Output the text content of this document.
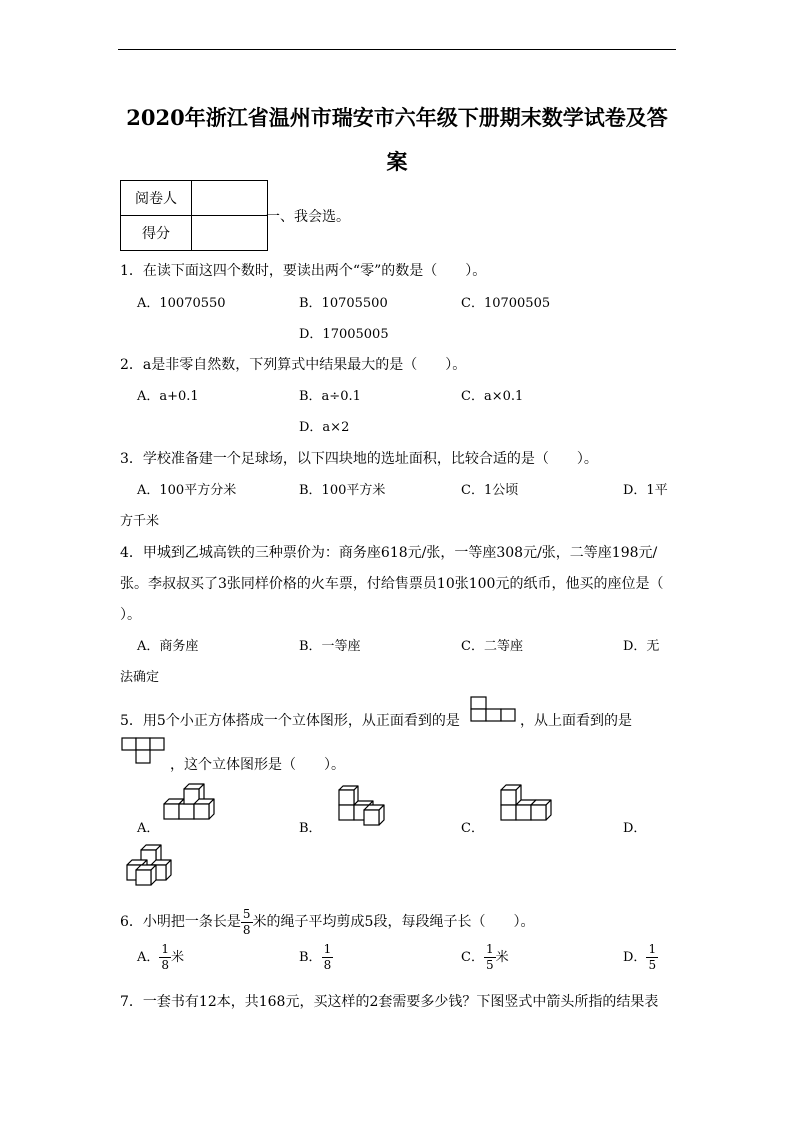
2020年浙江省温州市瑞安市六年级下册期末数学试卷及答
案
阅卷人	
得分	
一、我会选。
1．在读下面这四个数时，要读出两个“零”的数是（　　）。
A．10070550	B．10705500	C．10700505
D．17005005
2．a是非零自然数，下列算式中结果最大的是（　　）。
A．a+0.1	B．a÷0.1	C．a×0.1
D．a×2
3．学校准备建一个足球场，以下四块地的选址面积，比较合适的是（　　）。
A．100平方分米	B．100平方米	C．1公顷	D．1平
方千米
4．甲城到乙城高铁的三种票价为：商务座618元/张，一等座308元/张，二等座198元/
张。李叔叔买了3张同样价格的火车票，付给售票员10张100元的纸币，他买的座位是（
）。
A．商务座	B．一等座	C．二等座	D．无
法确定
5．用5个小正方体搭成一个立体图形，从正面看到的是	，从上面看到的是
，这个立体图形是（　　）。
A．	B．	C．	D．
6．小明把一条长是 $\frac{5}{8}$ 米的绳子平均剪成5段，每段绳子长（　　）。
A． $\frac{1}{8}$ 米	B． $\frac{1}{8}$	C． $\frac{1}{5}$ 米	D． $\frac{1}{5}$
7．一套书有12本，共168元，买这样的2套需要多少钱？下图竖式中箭头所指的结果表
